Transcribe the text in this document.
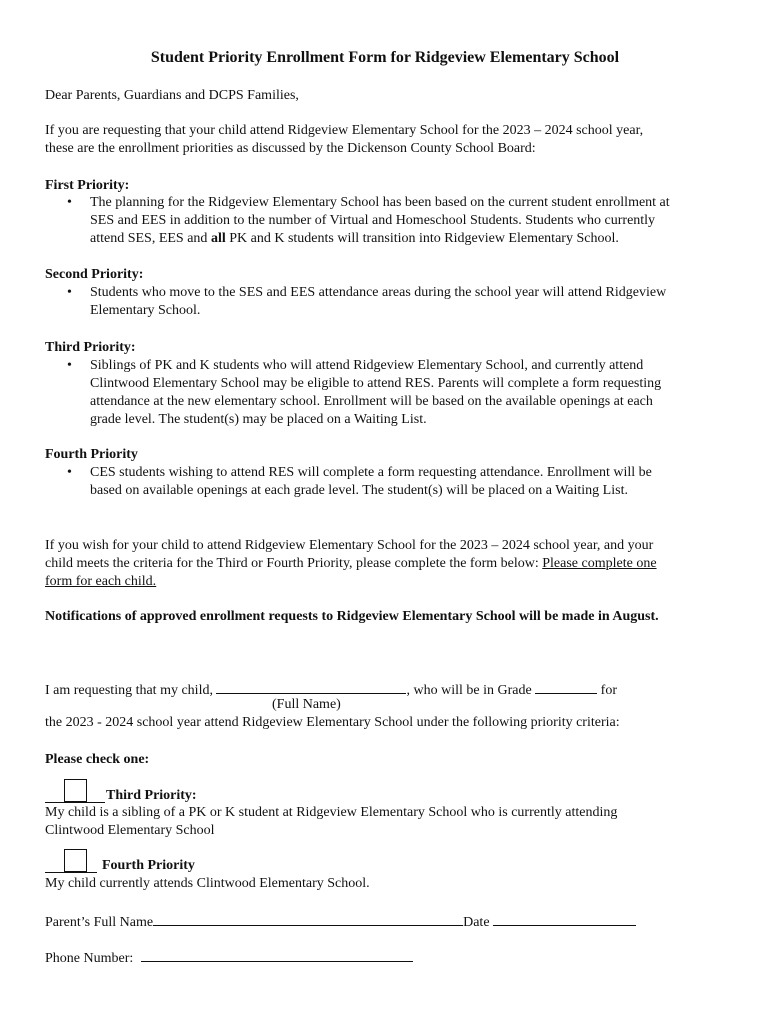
Student Priority Enrollment Form for Ridgeview Elementary School
Dear Parents, Guardians and DCPS Families,
If you are requesting that your child attend Ridgeview Elementary School for the 2023 – 2024 school year,
these are the enrollment priorities as discussed by the Dickenson County School Board:
First Priority:
• The planning for the Ridgeview Elementary School has been based on the current student enrollment at
SES and EES in addition to the number of Virtual and Homeschool Students. Students who currently
attend SES, EES and all PK and K students will transition into Ridgeview Elementary School.
Second Priority:
• Students who move to the SES and EES attendance areas during the school year will attend Ridgeview
Elementary School.
Third Priority:
• Siblings of PK and K students who will attend Ridgeview Elementary School, and currently attend
Clintwood Elementary School may be eligible to attend RES. Parents will complete a form requesting
attendance at the new elementary school. Enrollment will be based on the available openings at each
grade level. The student(s) may be placed on a Waiting List.
Fourth Priority
• CES students wishing to attend RES will complete a form requesting attendance. Enrollment will be
based on available openings at each grade level. The student(s) will be placed on a Waiting List.
If you wish for your child to attend Ridgeview Elementary School for the 2023 – 2024 school year, and your
child meets the criteria for the Third or Fourth Priority, please complete the form below: Please complete one
form for each child.
Notifications of approved enrollment requests to Ridgeview Elementary School will be made in August.
I am requesting that my child,	, who will be in Grade	for
(Full Name)
the 2023 - 2024 school year attend Ridgeview Elementary School under the following priority criteria:
Please check one:
Third Priority:
My child is a sibling of a PK or K student at Ridgeview Elementary School who is currently attending
Clintwood Elementary School
Fourth Priority
My child currently attends Clintwood Elementary School.
Parent’s Full Name	Date
Phone Number:
